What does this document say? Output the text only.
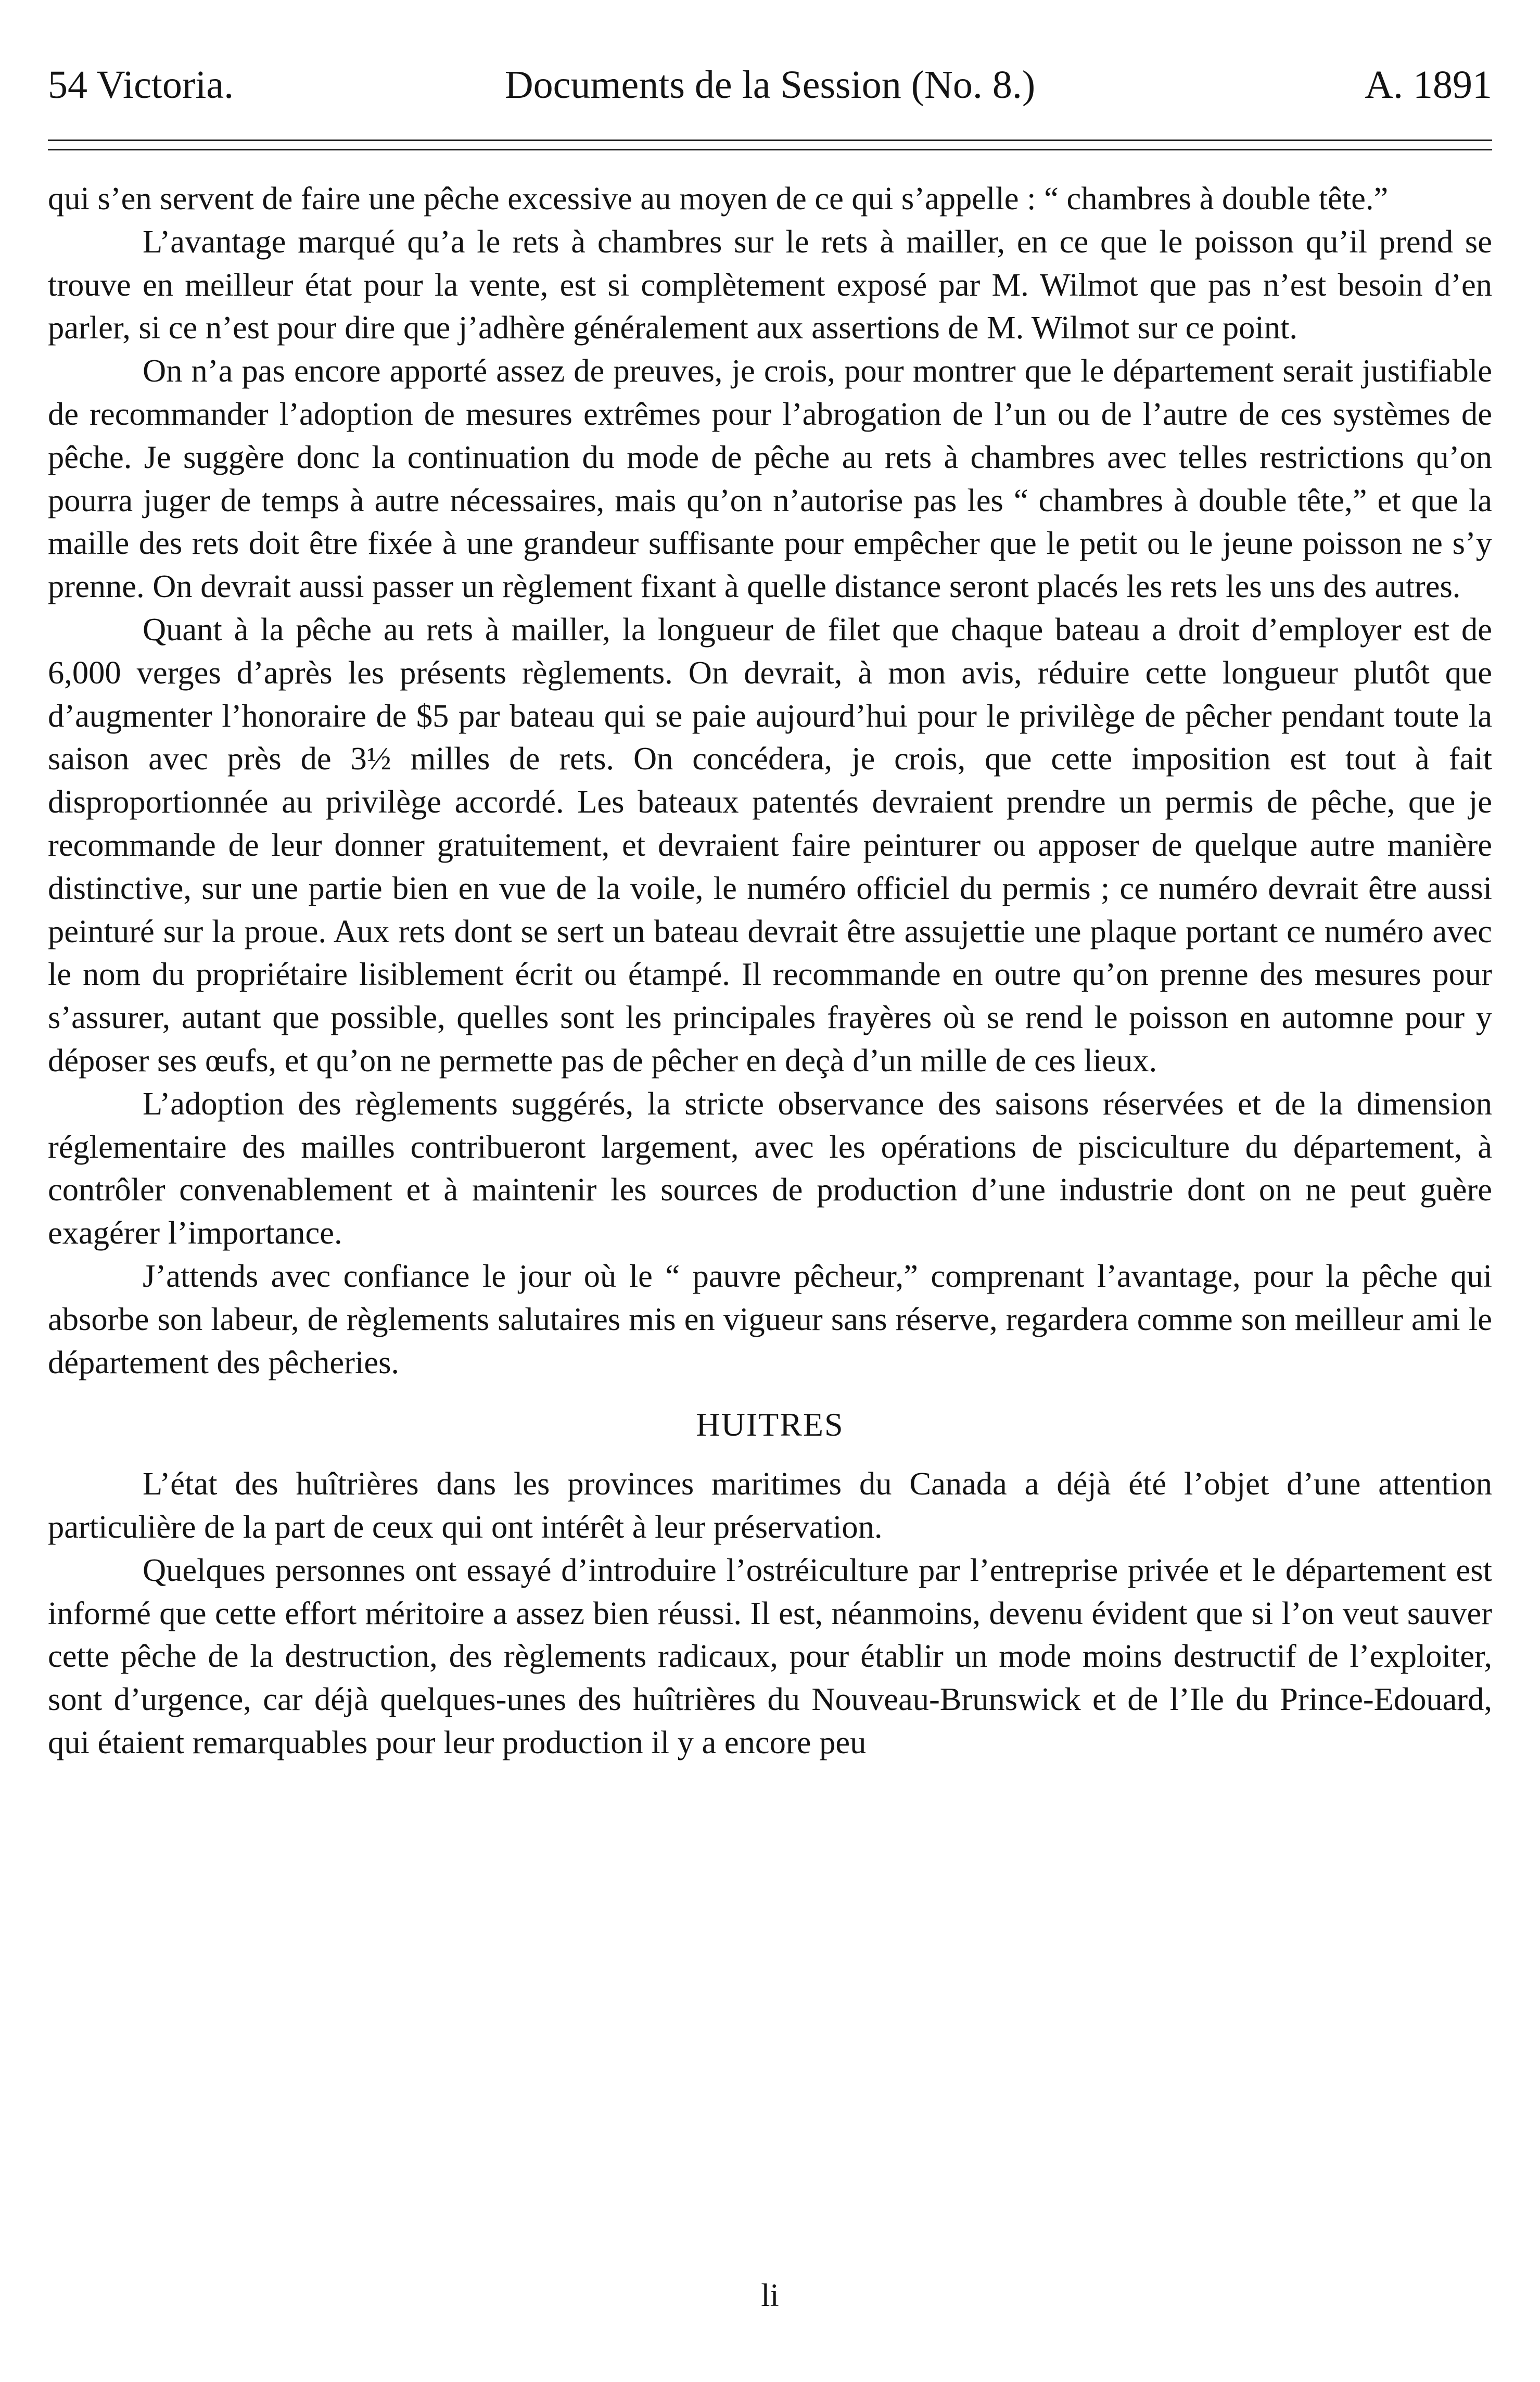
54 Victoria.	Documents de la Session (No. 8.)	A. 1891

qui s’en servent de faire une pêche excessive au moyen de ce qui s’appelle : “ chambres à double tête.”

L’avantage marqué qu’a le rets à chambres sur le rets à mailler, en ce que le poisson qu’il prend se trouve en meilleur état pour la vente, est si complètement exposé par M. Wilmot que pas n’est besoin d’en parler, si ce n’est pour dire que j’adhère généralement aux assertions de M. Wilmot sur ce point.

On n’a pas encore apporté assez de preuves, je crois, pour montrer que le département serait justifiable de recommander l’adoption de mesures extrêmes pour l’abrogation de l’un ou de l’autre de ces systèmes de pêche. Je suggère donc la continuation du mode de pêche au rets à chambres avec telles restrictions qu’on pourra juger de temps à autre nécessaires, mais qu’on n’autorise pas les “ chambres à double tête,” et que la maille des rets doit être fixée à une grandeur suffisante pour empêcher que le petit ou le jeune poisson ne s’y prenne. On devrait aussi passer un règlement fixant à quelle distance seront placés les rets les uns des autres.

Quant à la pêche au rets à mailler, la longueur de filet que chaque bateau a droit d’employer est de 6,000 verges d’après les présents règlements. On devrait, à mon avis, réduire cette longueur plutôt que d’augmenter l’honoraire de $5 par bateau qui se paie aujourd’hui pour le privilège de pêcher pendant toute la saison avec près de 3½ milles de rets. On concédera, je crois, que cette imposition est tout à fait disproportionnée au privilège accordé. Les bateaux patentés devraient prendre un permis de pêche, que je recommande de leur donner gratuitement, et devraient faire peinturer ou apposer de quelque autre manière distinctive, sur une partie bien en vue de la voile, le numéro officiel du permis ; ce numéro devrait être aussi peinturé sur la proue. Aux rets dont se sert un bateau devrait être assujettie une plaque portant ce numéro avec le nom du propriétaire lisiblement écrit ou étampé. Il recommande en outre qu’on prenne des mesures pour s’assurer, autant que possible, quelles sont les principales frayères où se rend le poisson en automne pour y déposer ses œufs, et qu’on ne permette pas de pêcher en deçà d’un mille de ces lieux.

L’adoption des règlements suggérés, la stricte observance des saisons réservées et de la dimension réglementaire des mailles contribueront largement, avec les opérations de pisciculture du département, à contrôler convenablement et à maintenir les sources de production d’une industrie dont on ne peut guère exagérer l’importance.

J’attends avec confiance le jour où le “ pauvre pêcheur,” comprenant l’avantage, pour la pêche qui absorbe son labeur, de règlements salutaires mis en vigueur sans réserve, regardera comme son meilleur ami le département des pêcheries.

HUITRES

L’état des huîtrières dans les provinces maritimes du Canada a déjà été l’objet d’une attention particulière de la part de ceux qui ont intérêt à leur préservation.

Quelques personnes ont essayé d’introduire l’ostréiculture par l’entreprise privée et le département est informé que cette effort méritoire a assez bien réussi. Il est, néanmoins, devenu évident que si l’on veut sauver cette pêche de la destruction, des règlements radicaux, pour établir un mode moins destructif de l’exploiter, sont d’urgence, car déjà quelques-unes des huîtrières du Nouveau-Brunswick et de l’Ile du Prince-Edouard, qui étaient remarquables pour leur production il y a encore peu

li
